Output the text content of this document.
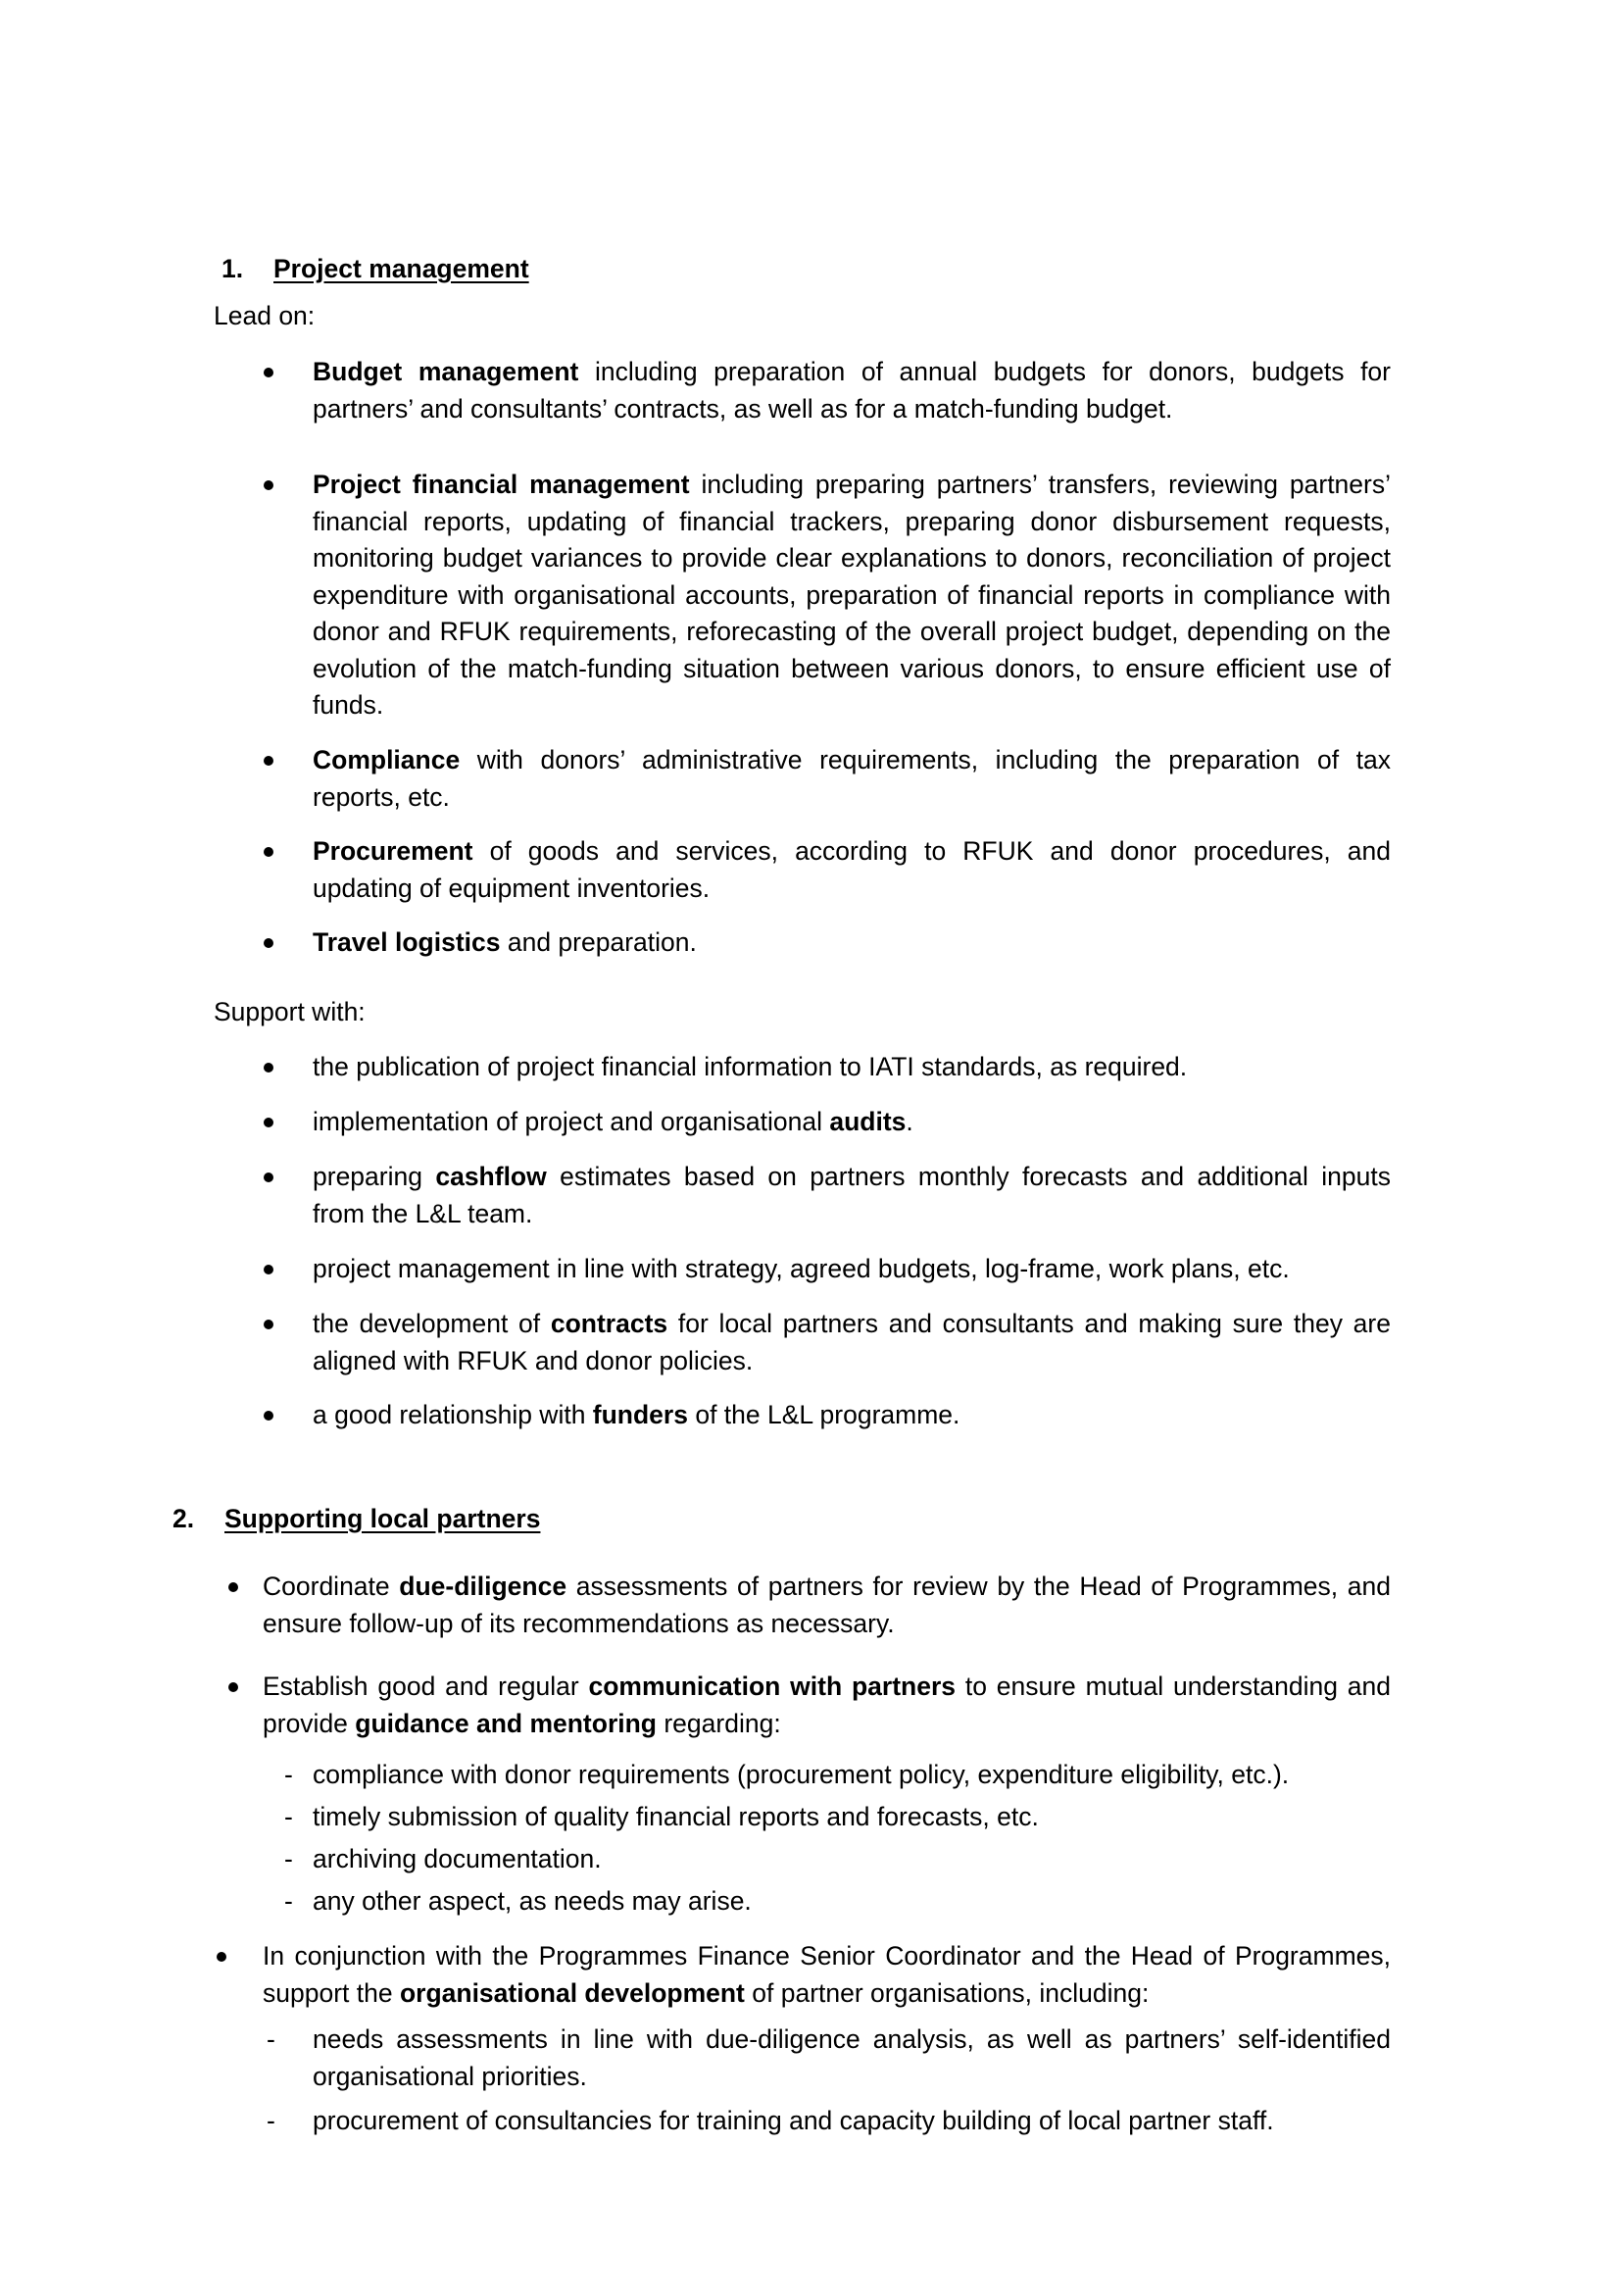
1. Project management
Lead on:
Budget management including preparation of annual budgets for donors, budgets for partners’ and consultants’ contracts, as well as for a match-funding budget.
Project financial management including preparing partners’ transfers, reviewing partners’ financial reports, updating of financial trackers, preparing donor disbursement requests, monitoring budget variances to provide clear explanations to donors, reconciliation of project expenditure with organisational accounts, preparation of financial reports in compliance with donor and RFUK requirements, reforecasting of the overall project budget, depending on the evolution of the match-funding situation between various donors, to ensure efficient use of funds.
Compliance with donors’ administrative requirements, including the preparation of tax reports, etc.
Procurement of goods and services, according to RFUK and donor procedures, and updating of equipment inventories.
Travel logistics and preparation.
Support with:
the publication of project financial information to IATI standards, as required.
implementation of project and organisational audits.
preparing cashflow estimates based on partners monthly forecasts and additional inputs from the L&L team.
project management in line with strategy, agreed budgets, log-frame, work plans, etc.
the development of contracts for local partners and consultants and making sure they are aligned with RFUK and donor policies.
a good relationship with funders of the L&L programme.
2. Supporting local partners
Coordinate due-diligence assessments of partners for review by the Head of Programmes, and ensure follow-up of its recommendations as necessary.
Establish good and regular communication with partners to ensure mutual understanding and provide guidance and mentoring regarding:
- compliance with donor requirements (procurement policy, expenditure eligibility, etc.).
- timely submission of quality financial reports and forecasts, etc.
- archiving documentation.
- any other aspect, as needs may arise.
In conjunction with the Programmes Finance Senior Coordinator and the Head of Programmes, support the organisational development of partner organisations, including:
- needs assessments in line with due-diligence analysis, as well as partners’ self-identified organisational priorities.
- procurement of consultancies for training and capacity building of local partner staff.
